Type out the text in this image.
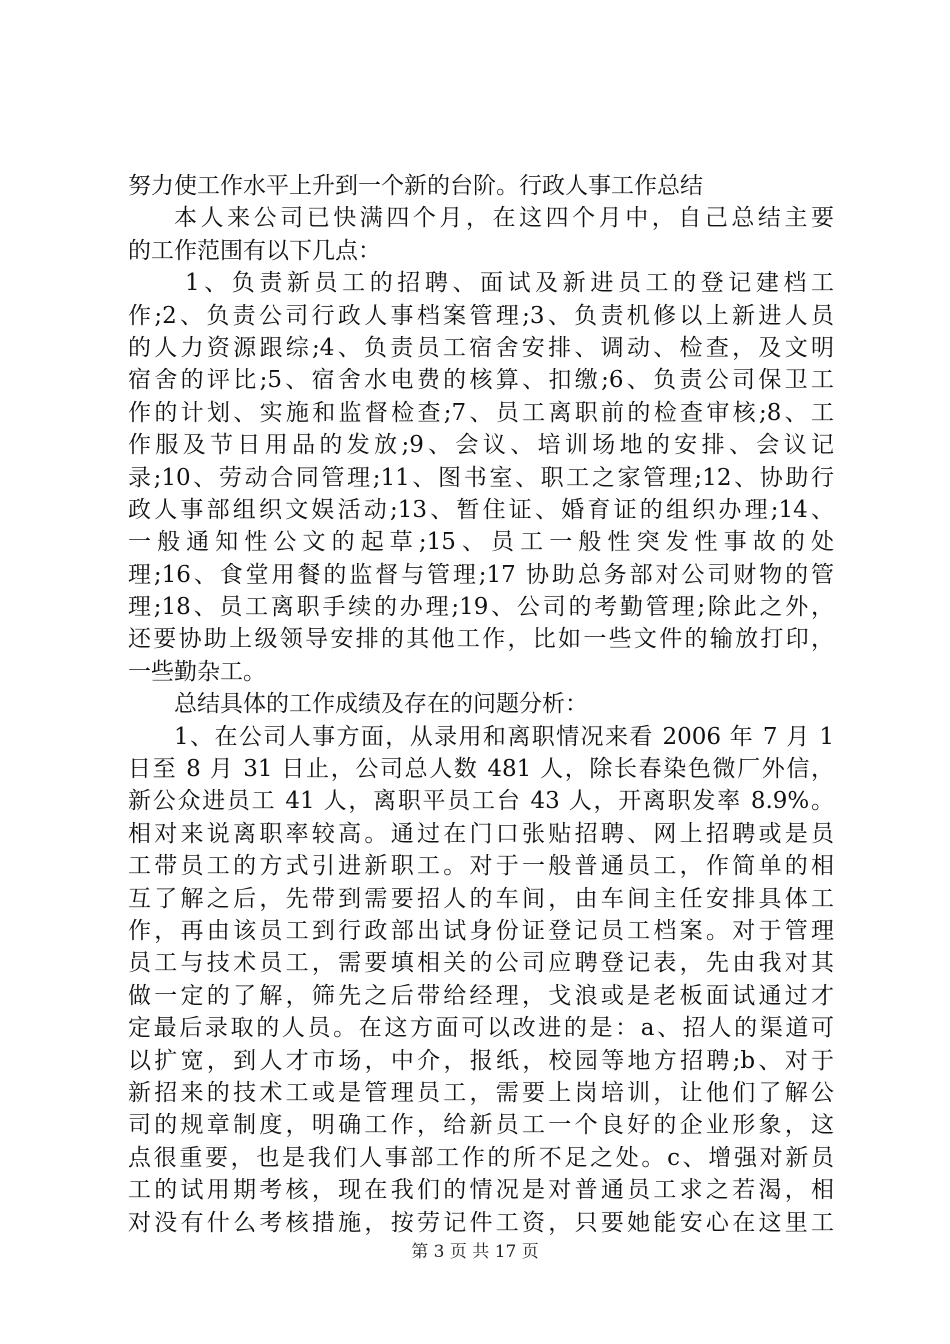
努力使工作水平上升到一个新的台阶。行政人事工作总结
本人来公司已快满四个月，在这四个月中，自己总结主要
的工作范围有以下几点：
1、负责新员工的招聘、面试及新进员工的登记建档工
作;2、负责公司行政人事档案管理;3、负责机修以上新进人员
的人力资源跟综;4、负责员工宿舍安排、调动、检查，及文明
宿舍的评比;5、宿舍水电费的核算、扣缴;6、负责公司保卫工
作的计划、实施和监督检查;7、员工离职前的检查审核;8、工
作服及节日用品的发放;9、会议、培训场地的安排、会议记
录;10、劳动合同管理;11、图书室、职工之家管理;12、协助行
政人事部组织文娱活动;13、暂住证、婚育证的组织办理;14、
一般通知性公文的起草;15、员工一般性突发性事故的处
理;16、食堂用餐的监督与管理;17 协助总务部对公司财物的管
理;18、员工离职手续的办理;19、公司的考勤管理;除此之外，
还要协助上级领导安排的其他工作，比如一些文件的输放打印，
一些勤杂工。
总结具体的工作成绩及存在的问题分析：
1、在公司人事方面，从录用和离职情况来看 2006 年 7 月 1
日至 8 月 31 日止，公司总人数 481 人，除长春染色微厂外信，
新公众进员工 41 人，离职平员工台 43 人，开离职发率 8.9%。
相对来说离职率较高。通过在门口张贴招聘、网上招聘或是员
工带员工的方式引进新职工。对于一般普通员工，作简单的相
互了解之后，先带到需要招人的车间，由车间主任安排具体工
作，再由该员工到行政部出试身份证登记员工档案。对于管理
员工与技术员工，需要填相关的公司应聘登记表，先由我对其
做一定的了解，筛先之后带给经理，戈浪或是老板面试通过才
定最后录取的人员。在这方面可以改进的是：a、招人的渠道可
以扩宽，到人才市场，中介，报纸，校园等地方招聘;b、对于
新招来的技术工或是管理员工，需要上岗培训，让他们了解公
司的规章制度，明确工作，给新员工一个良好的企业形象，这
点很重要，也是我们人事部工作的所不足之处。c、增强对新员
工的试用期考核，现在我们的情况是对普通员工求之若渴，相
对没有什么考核措施，按劳记件工资，只要她能安心在这里工
第 3 页 共 17 页
